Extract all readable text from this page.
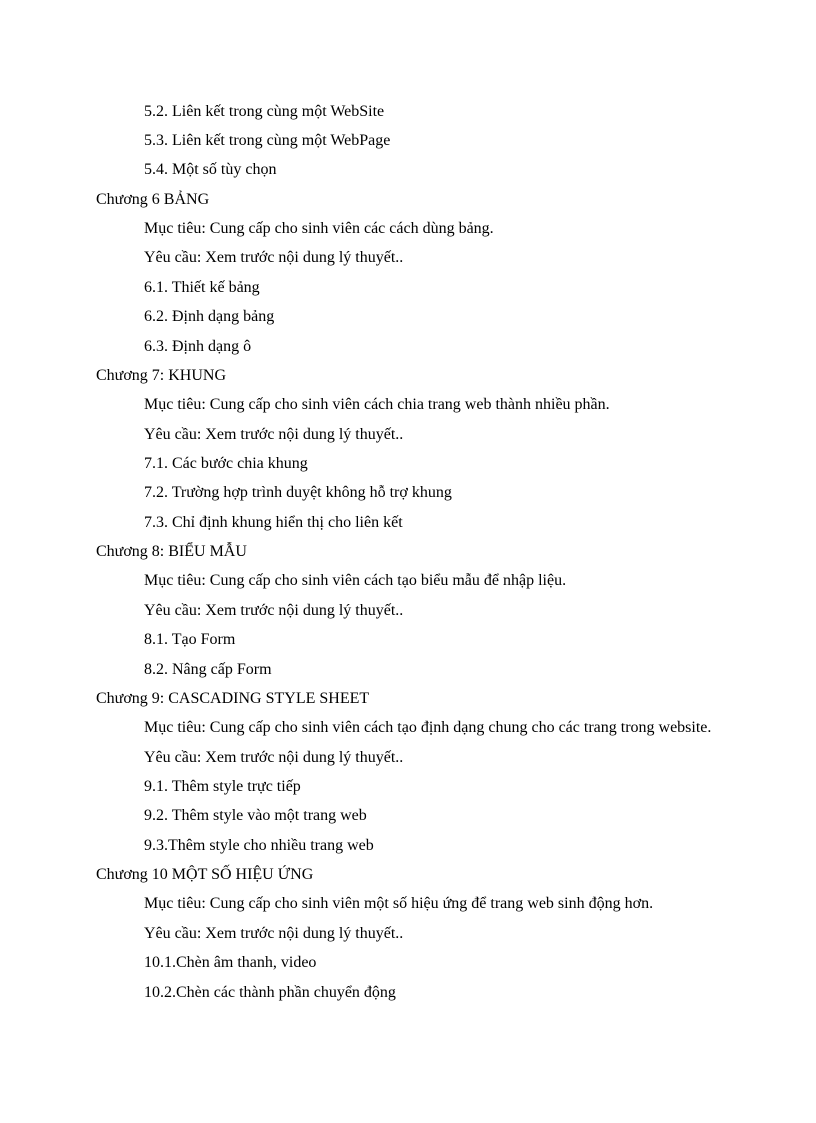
5.2. Liên kết trong cùng một WebSite
5.3. Liên kết trong cùng một WebPage
5.4. Một số tùy chọn
Chương 6 BẢNG
Mục tiêu: Cung cấp cho sinh viên các cách dùng bảng.
Yêu cầu: Xem trước nội dung lý thuyết..
6.1. Thiết kế bảng
6.2. Định dạng bảng
6.3. Định dạng ô
Chương 7: KHUNG
Mục tiêu: Cung cấp cho sinh viên cách chia trang web thành nhiều phần.
Yêu cầu: Xem trước nội dung lý thuyết..
7.1. Các bước chia khung
7.2. Trường hợp trình duyệt không hỗ trợ khung
7.3. Chỉ định khung hiển thị cho liên kết
Chương 8: BIỂU MẪU
Mục tiêu: Cung cấp cho sinh viên cách tạo biểu mẫu để nhập liệu.
Yêu cầu: Xem trước nội dung lý thuyết..
8.1. Tạo Form
8.2. Nâng cấp Form
Chương 9: CASCADING STYLE SHEET
Mục tiêu: Cung cấp cho sinh viên cách tạo định dạng chung cho các trang trong website.
Yêu cầu: Xem trước nội dung lý thuyết..
9.1. Thêm style trực tiếp
9.2. Thêm style vào một trang web
9.3.Thêm style cho nhiều trang web
Chương 10 MỘT SỐ HIỆU ỨNG
Mục tiêu: Cung cấp cho sinh viên một số hiệu ứng để trang web sinh động hơn.
Yêu cầu: Xem trước nội dung lý thuyết..
10.1.Chèn âm thanh, video
10.2.Chèn các thành phần chuyển động
